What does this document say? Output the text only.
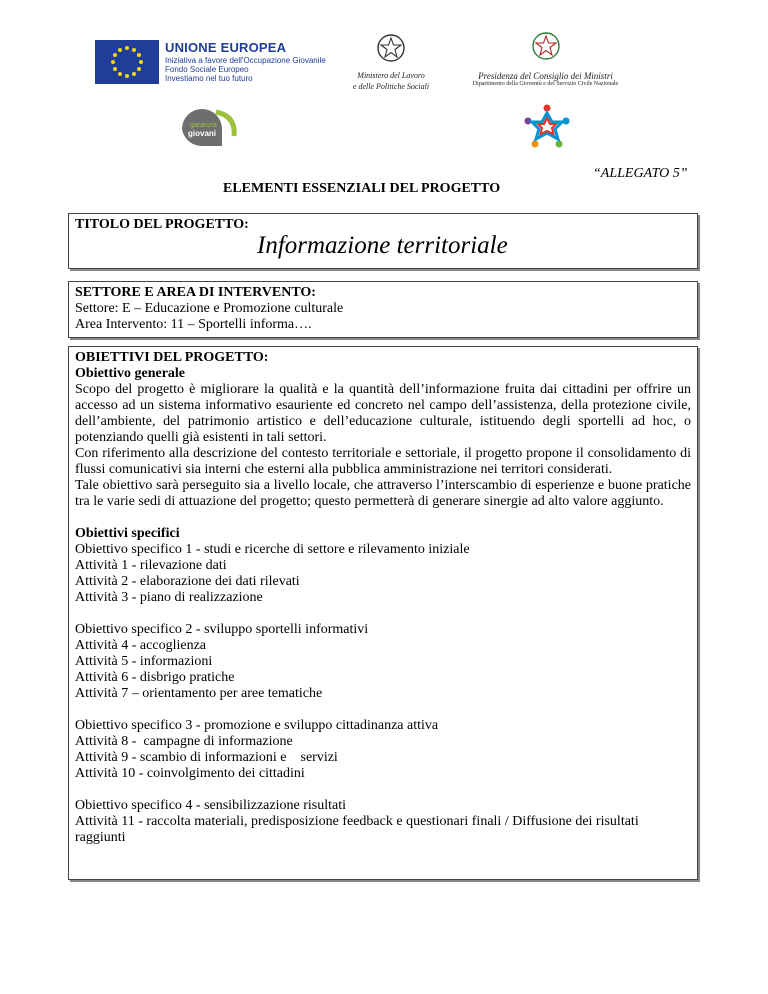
UNIONE EUROPEA
Iniziativa a favore dell'Occupazione Giovanile
Fondo Sociale Europeo
Investiamo nel tuo futuro	Ministero del Lavoro
e delle Politiche Sociali
Presidenza del Consiglio dei Ministri
Dipartimento della Gioventù e del Servizio Civile Nazionale
garanzia
giovani
“ALLEGATO 5”
ELEMENTI ESSENZIALI DEL PROGETTO
TITOLO DEL PROGETTO:
Informazione territoriale
SETTORE E AREA DI INTERVENTO:
Settore: E – Educazione e Promozione culturale
Area Intervento: 11 – Sportelli informa….
OBIETTIVI DEL PROGETTO:
Obiettivo generale
Scopo del progetto è migliorare la qualità e la quantità dell’informazione fruita dai cittadini per offrire un accesso ad un sistema informativo esauriente ed concreto nel campo dell’assistenza, della protezione civile, dell’ambiente, del patrimonio artistico e dell’educazione culturale, istituendo degli sportelli ad hoc, o potenziando quelli già esistenti in tali settori.
Con riferimento alla descrizione del contesto territoriale e settoriale, il progetto propone il consolidamento di flussi comunicativi sia interni che esterni alla pubblica amministrazione nei territori considerati.
Tale obiettivo sarà perseguito sia a livello locale, che attraverso l’interscambio di esperienze e buone pratiche tra le varie sedi di attuazione del progetto; questo permetterà di generare sinergie ad alto valore aggiunto.
Obiettivi specifici
Obiettivo specifico 1 - studi e ricerche di settore e rilevamento iniziale
Attività 1 - rilevazione dati
Attività 2 - elaborazione dei dati rilevati
Attività 3 - piano di realizzazione
Obiettivo specifico 2 - sviluppo sportelli informativi
Attività 4 - accoglienza
Attività 5 - informazioni
Attività 6 - disbrigo pratiche
Attività 7 – orientamento per aree tematiche
Obiettivo specifico 3 - promozione e sviluppo cittadinanza attiva
Attività 8 -  campagne di informazione
Attività 9 - scambio di informazioni e    servizi
Attività 10 - coinvolgimento dei cittadini
Obiettivo specifico 4 - sensibilizzazione risultati
Attività 11 - raccolta materiali, predisposizione feedback e questionari finali / Diffusione dei risultati raggiunti
